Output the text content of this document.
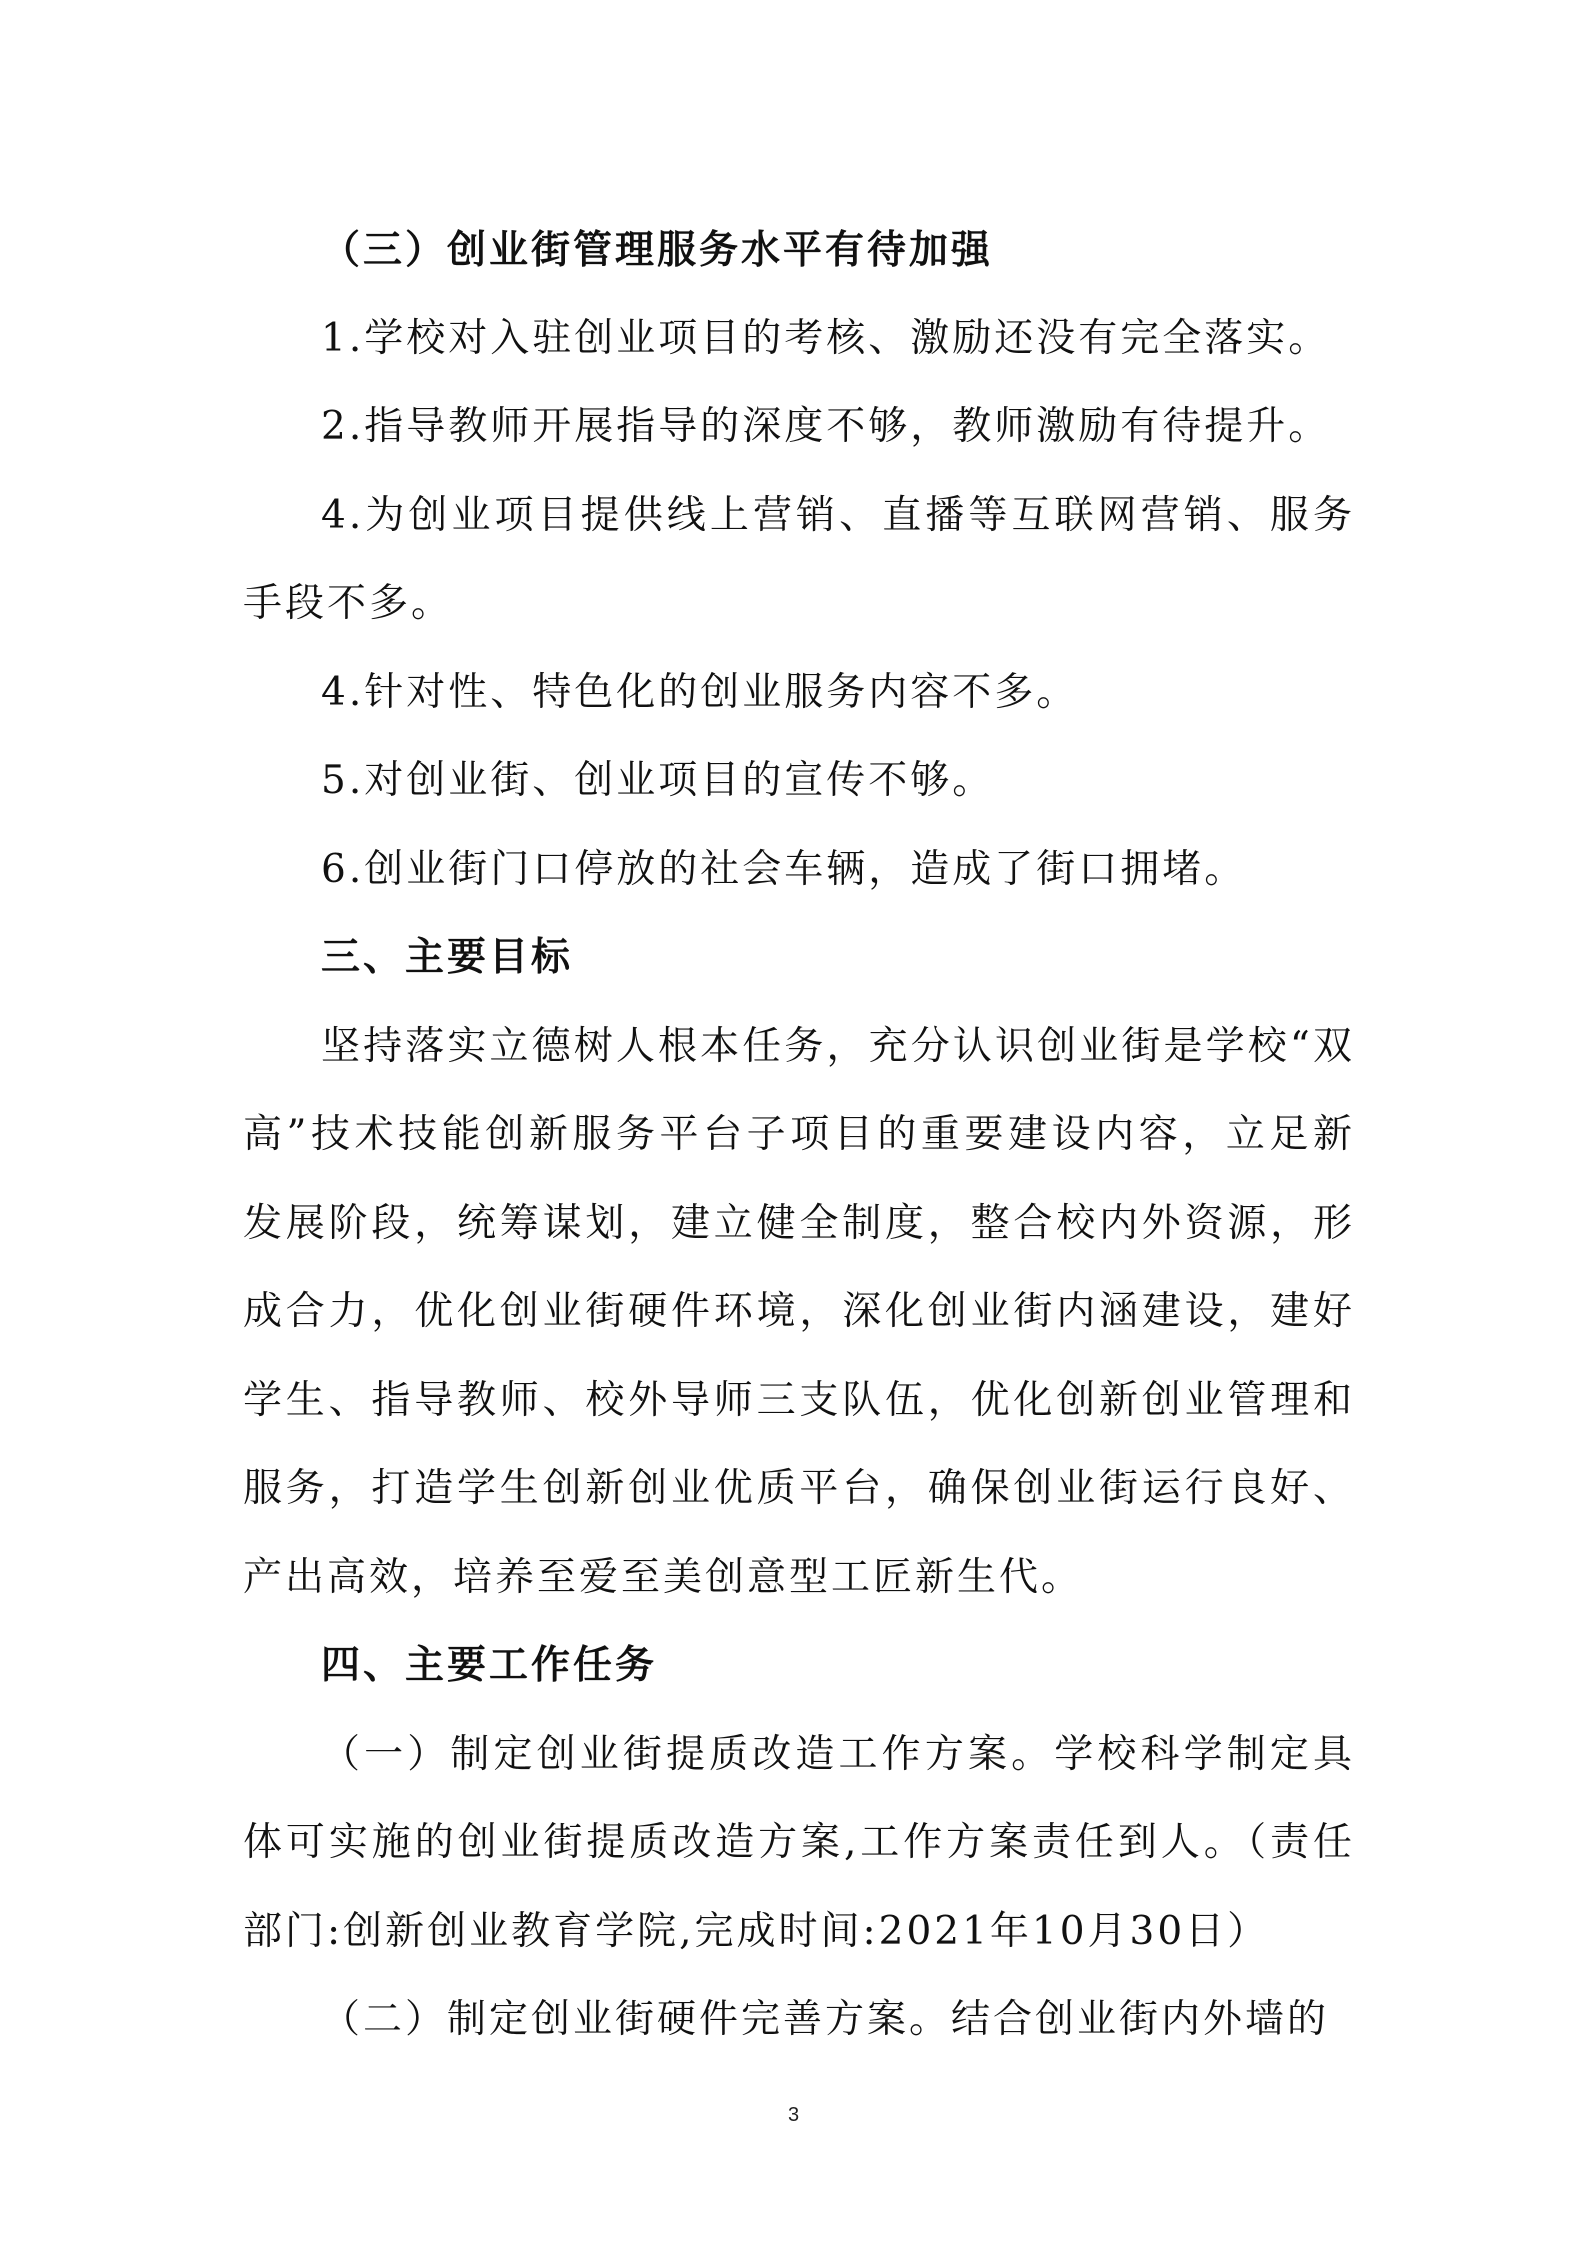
（三）创业街管理服务水平有待加强

1.学校对入驻创业项目的考核、激励还没有完全落实。

2.指导教师开展指导的深度不够，教师激励有待提升。

4.为创业项目提供线上营销、直播等互联网营销、服务手段不多。

4.针对性、特色化的创业服务内容不多。

5.对创业街、创业项目的宣传不够。

6.创业街门口停放的社会车辆，造成了街口拥堵。

三、主要目标

坚持落实立德树人根本任务，充分认识创业街是学校“双高”技术技能创新服务平台子项目的重要建设内容，立足新发展阶段，统筹谋划，建立健全制度，整合校内外资源，形成合力，优化创业街硬件环境，深化创业街内涵建设，建好学生、指导教师、校外导师三支队伍，优化创新创业管理和服务，打造学生创新创业优质平台，确保创业街运行良好、产出高效，培养至爱至美创意型工匠新生代。

四、主要工作任务

（一）制定创业街提质改造工作方案。学校科学制定具体可实施的创业街提质改造方案,工作方案责任到人。（责任部门:创新创业教育学院,完成时间:2021年10月30日）

（二）制定创业街硬件完善方案。结合创业街内外墙的

3
